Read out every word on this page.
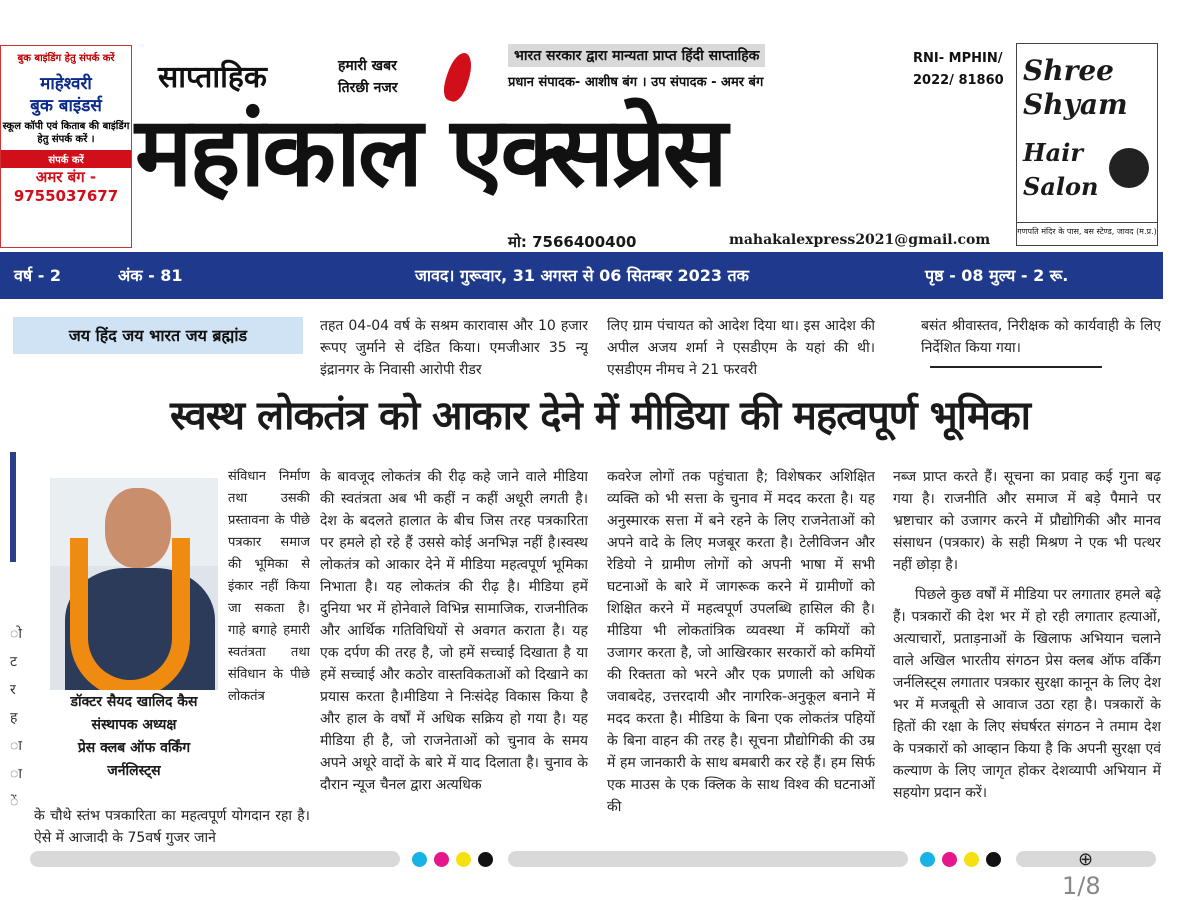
बुक बाइंडिंग हेतु संपर्क करें
माहेश्वरी
बुक बाइंडर्स
स्कूल कॉपी एवं किताब की बाइंडिंग हेतु संपर्क करें ।
संपर्क करें
अमर बंग -
9755037677
साप्ताहिक	हमारी खबर
तिरछी नजर
भारत सरकार द्वारा मान्यता प्राप्त हिंदी साप्ताहिक
प्रधान संपादक- आशीष बंग । उप संपादक - अमर बंग
RNI- MPHIN/
2022/ 81860
महांकाल एक्सप्रेस
मो: 7566400400	mahakalexpress2021@gmail.com
Shree Shyam
Hair Salon
गणपति मंदिर के पास, बस स्टेण्ड, जावद (म.प्र.)
वर्ष - 2	अंक - 81	जावद। गुरूवार, 31 अगस्त से 06 सितम्बर 2023 तक	पृष्ठ - 08 मुल्य - 2 रू.
जय हिंद जय भारत जय ब्रह्मांड	तहत 04-04 वर्ष के सश्रम कारावास और 10 हजार रूपए जुर्माने से दंडित किया। एमजीआर 35 न्यू इंद्रानगर के निवासी आरोपी रीडर
लिए ग्राम पंचायत को आदेश दिया था। इस आदेश की अपील अजय शर्मा ने एसडीएम के यहां की थी। एसडीएम नीमच ने 21 फरवरी
बसंत श्रीवास्तव, निरीक्षक को कार्यवाही के लिए निर्देशित किया गया।
स्वस्थ लोकतंत्र को आकार देने में मीडिया की महत्वपूर्ण भूमिका
ो ट र ह ा ा ें
डॉक्टर सैयद खालिद कैस
संस्थापक अध्यक्ष
प्रेस क्लब ऑफ वर्किंग
जर्नलिस्ट्स
संविधान निर्माण तथा उसकी प्रस्तावना के पीछे पत्रकार समाज की भूमिका से इंकार नहीं किया जा सकता है। गाहे बगाहे हमारी स्वतंत्रता तथा संविधान के पीछे लोकतंत्र
के चौथे स्तंभ पत्रकारिता का महत्वपूर्ण योगदान रहा है। ऐसे में आजादी के 75वर्ष गुजर जाने
के बावजूद लोकतंत्र की रीढ़ कहे जाने वाले मीडिया की स्वतंत्रता अब भी कहीं न कहीं अधूरी लगती है। देश के बदलते हालात के बीच जिस तरह पत्रकारिता पर हमले हो रहे हैं उससे कोई अनभिज्ञ नहीं है।स्वस्थ लोकतंत्र को आकार देने में मीडिया महत्वपूर्ण भूमिका निभाता है। यह लोकतंत्र की रीढ़ है। मीडिया हमें दुनिया भर में होनेवाले विभिन्न सामाजिक, राजनीतिक और आर्थिक गतिविधियों से अवगत कराता है। यह एक दर्पण की तरह है, जो हमें सच्चाई दिखाता है या हमें सच्चाई और कठोर वास्तविकताओं को दिखाने का प्रयास करता है।मीडिया ने निःसंदेह विकास किया है और हाल के वर्षों में अधिक सक्रिय हो गया है। यह मीडिया ही है, जो राजनेताओं को चुनाव के समय अपने अधूरे वादों के बारे में याद दिलाता है। चुनाव के दौरान न्यूज चैनल द्वारा अत्यधिक
कवरेज लोगों तक पहुंचाता है; विशेषकर अशिक्षित व्यक्ति को भी सत्ता के चुनाव में मदद करता है। यह अनुस्मारक सत्ता में बने रहने के लिए राजनेताओं को अपने वादे के लिए मजबूर करता है। टेलीविजन और रेडियो ने ग्रामीण लोगों को अपनी भाषा में सभी घटनाओं के बारे में जागरूक करने में ग्रामीणों को शिक्षित करने में महत्वपूर्ण उपलब्धि हासिल की है। मीडिया भी लोकतांत्रिक व्यवस्था में कमियों को उजागर करता है, जो आखिरकार सरकारों को कमियों की रिक्तता को भरने और एक प्रणाली को अधिक जवाबदेह, उत्तरदायी और नागरिक-अनुकूल बनाने में मदद करता है। मीडिया के बिना एक लोकतंत्र पहियों के बिना वाहन की तरह है। सूचना प्रौद्योगिकी की उम्र में हम जानकारी के साथ बमबारी कर रहे हैं। हम सिर्फ एक माउस के एक क्लिक के साथ विश्व की घटनाओं की
नब्ज प्राप्त करते हैं। सूचना का प्रवाह कई गुना बढ़ गया है। राजनीति और समाज में बड़े पैमाने पर भ्रष्टाचार को उजागर करने में प्रौद्योगिकी और मानव संसाधन (पत्रकार) के सही मिश्रण ने एक भी पत्थर नहीं छोड़ा है।
पिछले कुछ वर्षों में मीडिया पर लगातार हमले बढ़े हैं। पत्रकारों की देश भर में हो रही लगातार हत्याओं, अत्याचारों, प्रताड़नाओं के खिलाफ अभियान चलाने वाले अखिल भारतीय संगठन प्रेस क्लब ऑफ वर्किंग जर्नलिस्ट्स लगातार पत्रकार सुरक्षा कानून के लिए देश भर में मजबूती से आवाज उठा रहा है। पत्रकारों के हितों की रक्षा के लिए संघर्षरत संगठन ने तमाम देश के पत्रकारों को आव्हान किया है कि अपनी सुरक्षा एवं कल्याण के लिए जागृत होकर देशव्यापी अभियान में सहयोग प्रदान करें।
⊕
1/8
